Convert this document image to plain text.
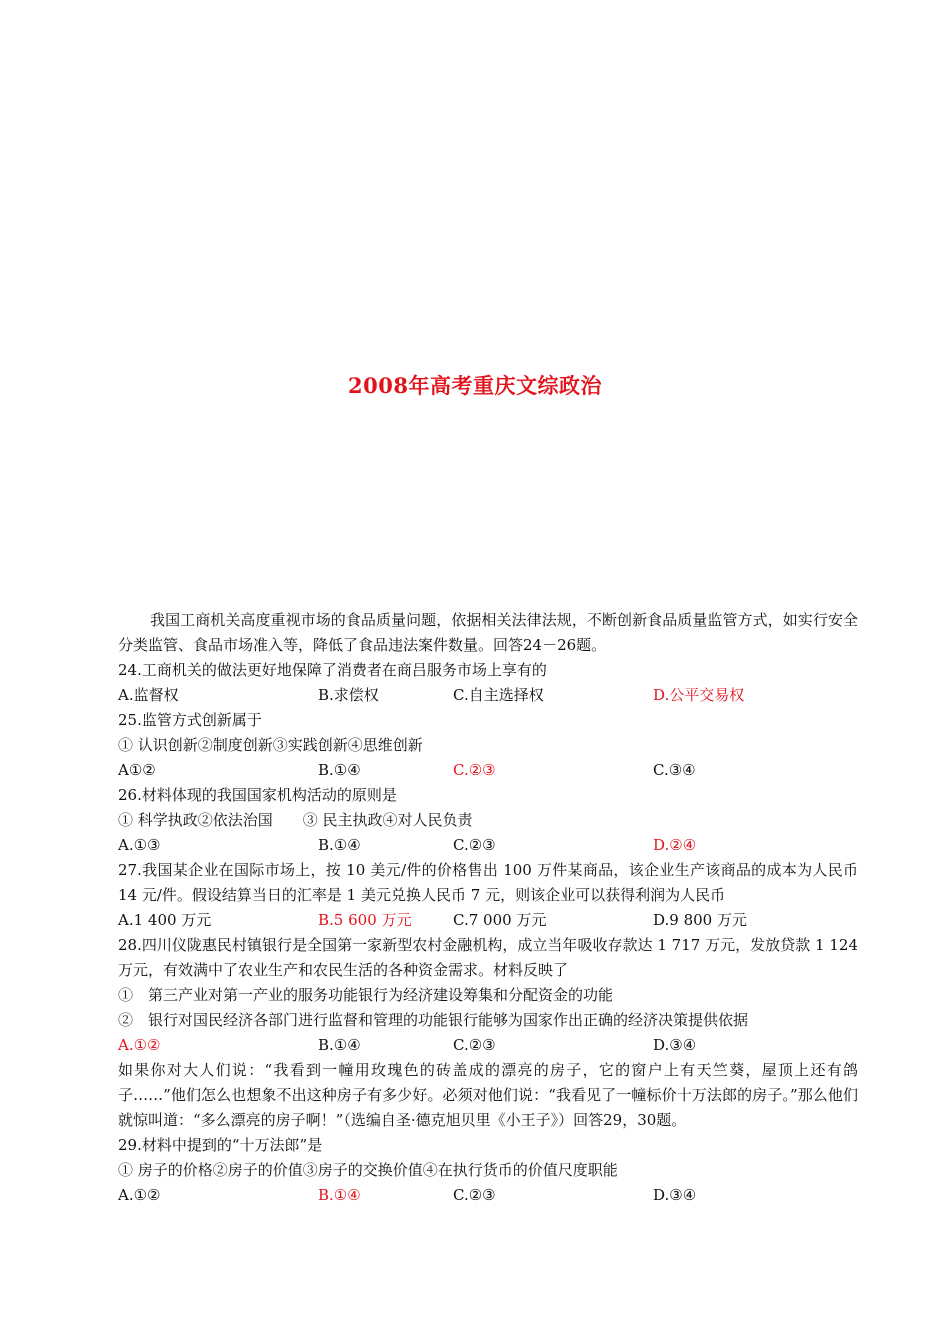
2008年高考重庆文综政治
我国工商机关高度重视市场的食品质量问题，依据相关法律法规，不断创新食品质量监管方式，如实行安全分类监管、食品市场准入等，降低了食品违法案件数量。回答24－26题。
24.工商机关的做法更好地保障了消费者在商吕服务市场上享有的
A.监督权	B.求偿权	C.自主选择权	D.公平交易权
25.监管方式创新属于
① 认识创新②制度创新③实践创新④思维创新
A①②	B.①④	C.②③	C.③④
26.材料体现的我国国家机构活动的原则是
① 科学执政②依法治国　　③ 民主执政④对人民负责
A.①③	B.①④	C.②③	D.②④
27.我国某企业在国际市场上，按 10 美元/件的价格售出 100 万件某商品，该企业生产该商品的成本为人民币 14 元/件。假设结算当日的汇率是 1 美元兑换人民币 7 元，则该企业可以获得利润为人民币
A.1 400 万元	B.5 600 万元	C.7 000 万元	D.9 800 万元
28.四川仪陇惠民村镇银行是全国第一家新型农村金融机构，成立当年吸收存款达 1 717 万元，发放贷款 1 124 万元，有效满中了农业生产和农民生活的各种资金需求。材料反映了
①　第三产业对第一产业的服务功能银行为经济建设筹集和分配资金的功能
②　银行对国民经济各部门进行监督和管理的功能银行能够为国家作出正确的经济决策提供依据
A.①②	B.①④	C.②③	D.③④
如果你对大人们说：“我看到一幢用玫瑰色的砖盖成的漂亮的房子，它的窗户上有天竺葵，屋顶上还有鸽子……”他们怎么也想象不出这种房子有多少好。必须对他们说：“我看见了一幢标价十万法郎的房子。”那么他们就惊叫道：“多么漂亮的房子啊！”（选编自圣·德克旭贝里《小王子》）回答29，30题。
29.材料中提到的“十万法郎”是
① 房子的价格②房子的价值③房子的交换价值④在执行货币的价值尺度职能
A.①②	B.①④	C.②③	D.③④
